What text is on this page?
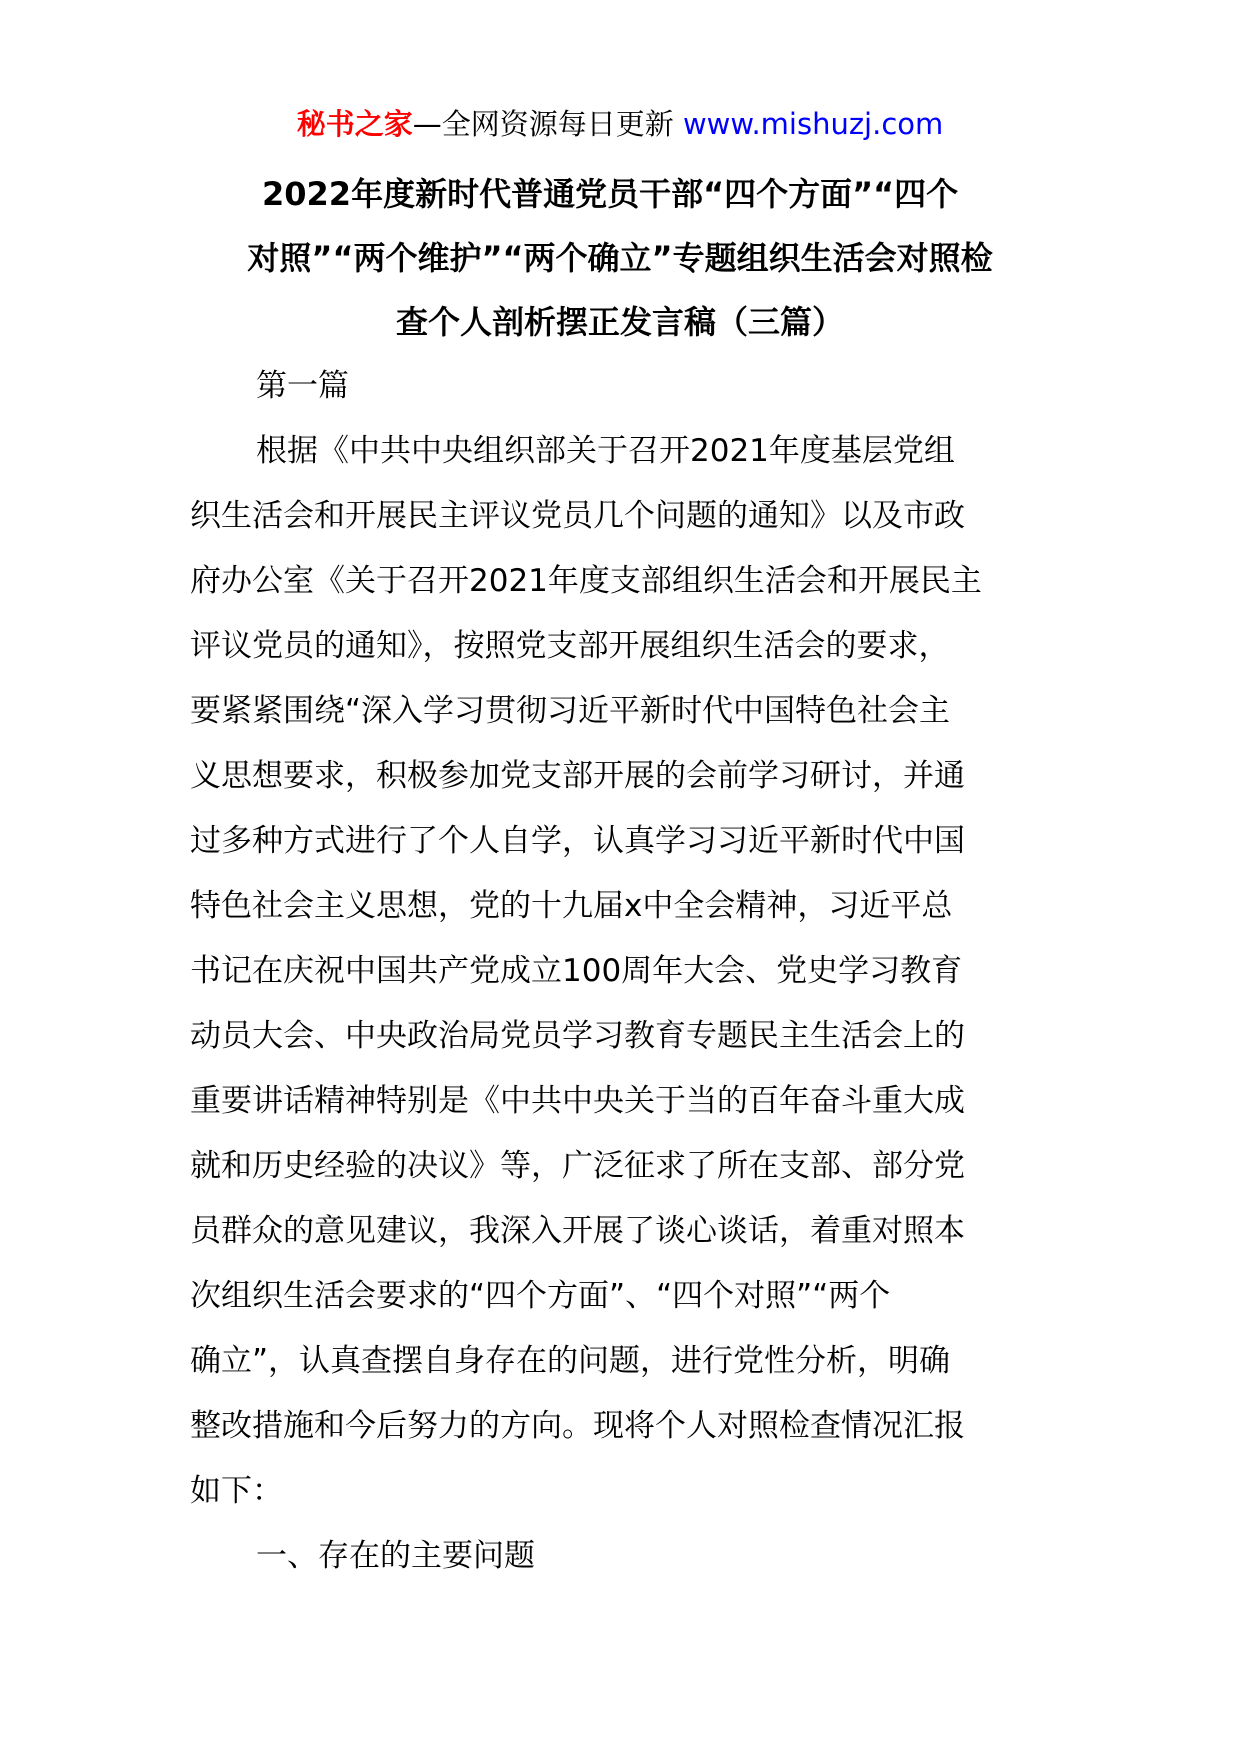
秘书之家—全网资源每日更新 www.mishuzj.com
2022年度新时代普通党员干部“四个方面”“四个
对照”“两个维护”“两个确立”专题组织生活会对照检
查个人剖析摆正发言稿（三篇）
第一篇
根据《中共中央组织部关于召开2021年度基层党组
织生活会和开展民主评议党员几个问题的通知》以及市政
府办公室《关于召开2021年度支部组织生活会和开展民主
评议党员的通知》，按照党支部开展组织生活会的要求，
要紧紧围绕“深入学习贯彻习近平新时代中国特色社会主
义思想要求，积极参加党支部开展的会前学习研讨，并通
过多种方式进行了个人自学，认真学习习近平新时代中国
特色社会主义思想，党的十九届x中全会精神，习近平总
书记在庆祝中国共产党成立100周年大会、党史学习教育
动员大会、中央政治局党员学习教育专题民主生活会上的
重要讲话精神特别是《中共中央关于当的百年奋斗重大成
就和历史经验的决议》等，广泛征求了所在支部、部分党
员群众的意见建议，我深入开展了谈心谈话，着重对照本
次组织生活会要求的“四个方面”、“四个对照”“两个
确立”，认真查摆自身存在的问题，进行党性分析，明确
整改措施和今后努力的方向。现将个人对照检查情况汇报
如下：
一、存在的主要问题
